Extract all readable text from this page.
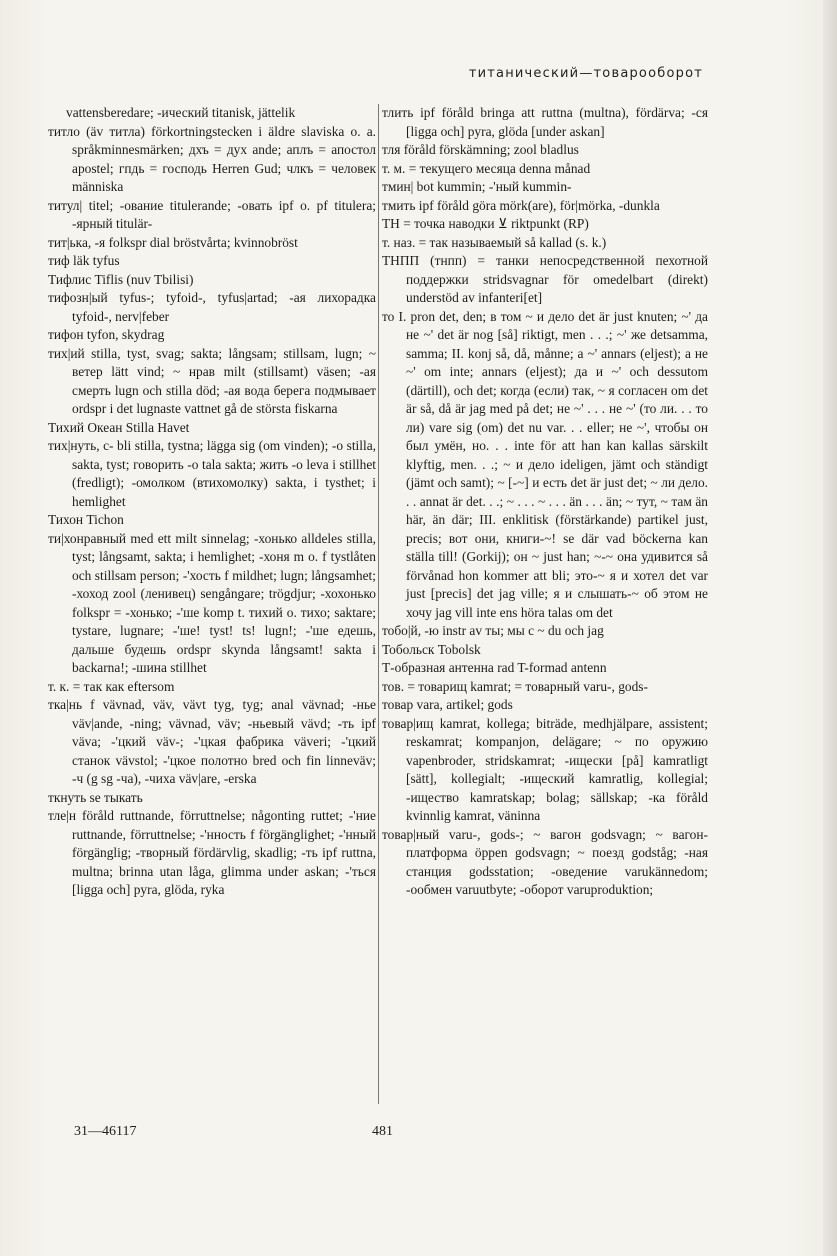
титанический—товарооборот

vattensberedare; -ический titanisk, jättelik

титло (äv титла) förkortningstecken i äldre slaviska o. a. språkminnesmärken; дхъ = дух ande; аплъ = апостол apostel; гпдь = господь Herren Gud; члкъ = человек människa

титул| titel; -ование titulerande; -овать ipf o. pf titulera; -ярный titulär-

тит|ька, -я folkspr dial bröstvårta; kvinnobröst

тиф läk tyfus

Тифлис Tiflis (nuv Tbilisi)

тифозн|ый tyfus-; tyfoid-, tyfus|artad; -ая лихорадка tyfoid-, nerv|feber

тифон tyfon, skydrag

тих|ий stilla, tyst, svag; sakta; långsam; stillsam, lugn; ~ ветер lätt vind; ~ нрав milt (stillsamt) väsen; -ая смерть lugn och stilla död; -ая вода берега подмывает ordspr i det lugnaste vattnet gå de största fiskarna

Тихий Океан Stilla Havet

тих|нуть, с- bli stilla, tystna; lägga sig (om vinden); -о stilla, sakta, tyst; говорить -о tala sakta; жить -о leva i stillhet (fredligt); -омолком (втихомолку) sakta, i tysthet; i hemlighet

Тихон Tichon

ти|хонравный med ett milt sinnelag; -хонько alldeles stilla, tyst; långsamt, sakta; i hemlighet; -хоня m o. f tystlåten och stillsam person; -'хость f mildhet; lugn; långsamhet; -хоход zool (ленивец) sengångare; trögdjur; -хохонько folkspr = -хонько; -'ше komp t. тихий o. тихо; saktare; tystare, lugnare; -'ше! tyst! ts! lugn!; -'ше едешь, дальше будешь ordspr skynda långsamt! sakta i backarna!; -шина stillhet

т. к. = так как eftersom

тка|нь f vävnad, väv, vävt tyg, tyg; anal vävnad; -нье väv|ande, -ning; vävnad, väv; -ньевый vävd; -ть ipf väva; -'цкий väv-; -'цкая фабрика väveri; -'цкий станок vävstol; -'цкое полотно bred och fin linneväv; -ч (g sg -ча), -чиха väv|are, -erska

ткнуть se тыкать

тле|н föråld ruttnande, förruttnelse; någonting ruttet; -'ние ruttnande, förruttnelse; -'нность f förgänglighet; -'нный förgänglig; -творный fördärvlig, skadlig; -ть ipf ruttna, multna; brinna utan låga, glimma under askan; -'ться [ligga och] pyra, glöda, ryka

тлить ipf föråld bringa att ruttna (multna), fördärva; -ся [ligga och] pyra, glöda [under askan]

тля föråld förskämning; zool bladlus

т. м. = текущего месяца denna månad

тмин| bot kummin; -'ный kummin-

тмить ipf föråld göra mörk(are), för|mörka, -dunkla

ТН = точка наводки ⊻ riktpunkt (RP)

т. наз. = так называемый så kallad (s. k.)

ТНПП (тнпп) = танки непосредственной пехотной поддержки stridsvagnar för omedelbart (direkt) understöd av infanteri[et]

то I. pron det, den; в том ~ и дело det är just knuten; ~' да не ~' det är nog [så] riktigt, men . . .; ~' же detsamma, samma; II. konj så, då, månne; а ~' annars (eljest); а не ~' om inte; annars (eljest); да и ~' och dessutom (därtill), och det; когда (если) так, ~ я согласен om det är så, då är jag med på det; не ~' . . . не ~' (то ли. . . то ли) vare sig (om) det nu var. . . eller; не ~', чтобы он был умён, но. . . inte för att han kan kallas särskilt klyftig, men. . .; ~ и дело ideligen, jämt och ständigt (jämt och samt); ~ [-~] и есть det är just det; ~ ли дело. . . annat är det. . .; ~ . . . ~ . . . än . . . än; ~ тут, ~ там än här, än där; III. enklitisk (förstärkande) partikel just, precis; вот они, книги-~! se där vad böckerna kan ställa till! (Gorkij); он ~ just han; ~-~ она удивится så förvånad hon kommer att bli; это-~ я и хотел det var just [precis] det jag ville; я и слышать-~ об этом не хочу jag vill inte ens höra talas om det

тобо|й, -ю instr av ты; мы с ~ du och jag

Тобольск Tobolsk

Т-образная антенна rad T-formad antenn

тов. = товарищ kamrat; = товарный varu-, gods-

товар vara, artikel; gods

товар|ищ kamrat, kollega; biträde, medhjälpare, assistent; reskamrat; kompanjon, delägare; ~ по оружию vapenbroder, stridskamrat; -ищески [på] kamratligt [sätt], kollegialt; -ищеский kamratlig, kollegial; -ищество kamratskap; bolag; sällskap; -ка föråld kvinnlig kamrat, väninna

товар|ный varu-, gods-; ~ вагон godsvagn; ~ вагон-платформа öppen godsvagn; ~ поезд godståg; -ная станция godsstation; -оведение varukännedom; -ообмен varuutbyte; -оборот varuproduktion;

31—46117	481
